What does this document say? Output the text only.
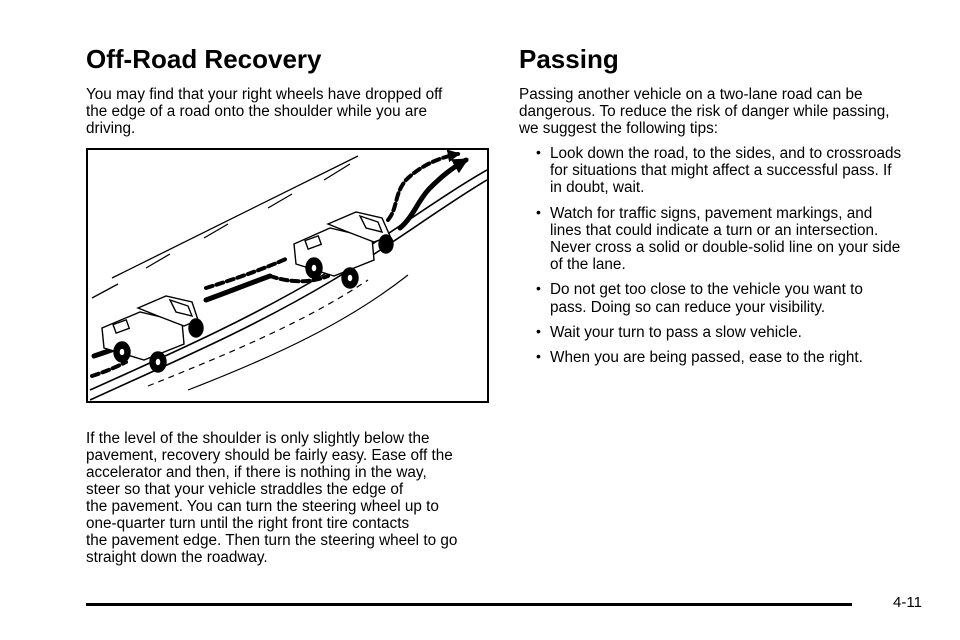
Off-Road Recovery

You may find that your right wheels have dropped off
the edge of a road onto the shoulder while you are
driving.

If the level of the shoulder is only slightly below the
pavement, recovery should be fairly easy. Ease off the
accelerator and then, if there is nothing in the way,
steer so that your vehicle straddles the edge of
the pavement. You can turn the steering wheel up to
one-quarter turn until the right front tire contacts
the pavement edge. Then turn the steering wheel to go
straight down the roadway.

Passing

Passing another vehicle on a two-lane road can be
dangerous. To reduce the risk of danger while passing,
we suggest the following tips:

• Look down the road, to the sides, and to crossroads
for situations that might affect a successful pass. If
in doubt, wait.
• Watch for traffic signs, pavement markings, and
lines that could indicate a turn or an intersection.
Never cross a solid or double-solid line on your side
of the lane.
• Do not get too close to the vehicle you want to
pass. Doing so can reduce your visibility.
• Wait your turn to pass a slow vehicle.
• When you are being passed, ease to the right.
4-11
